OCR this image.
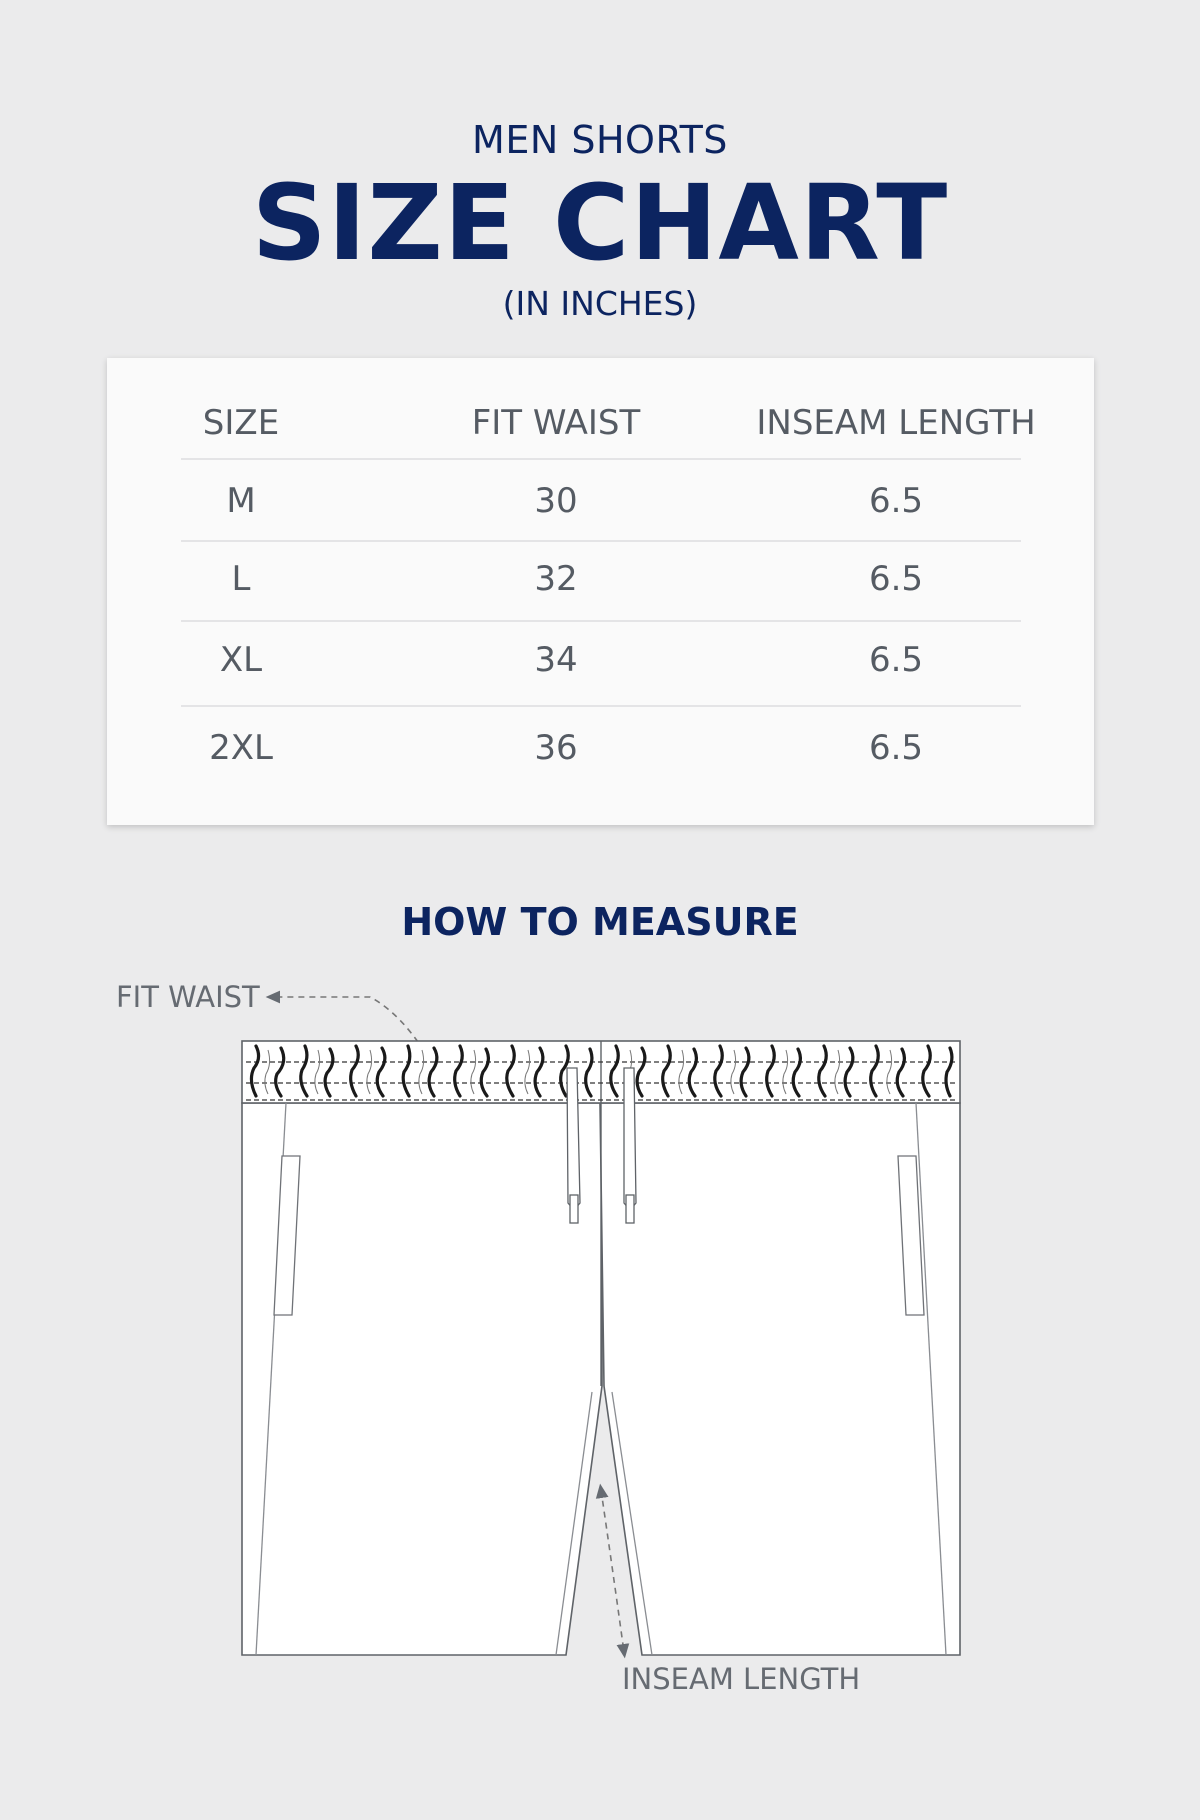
MEN SHORTS
SIZE CHART
(IN INCHES)
SIZE	FIT WAIST	INSEAM LENGTH
M	30	6.5
L	32	6.5
XL	34	6.5
2XL	36	6.5
HOW TO MEASURE
FIT WAIST
INSEAM LENGTH
